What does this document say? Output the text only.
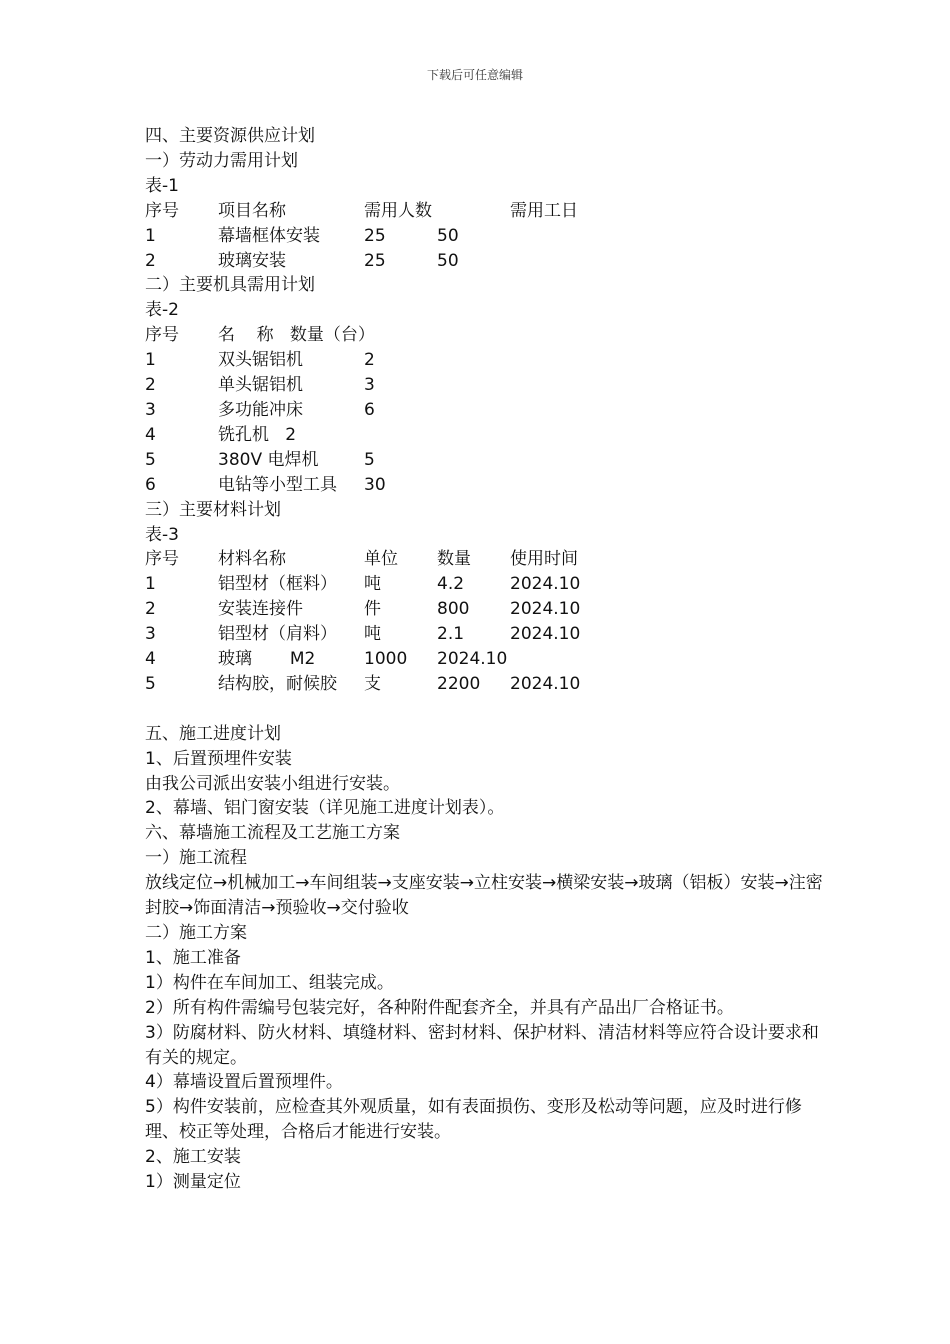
下载后可任意编辑
四、主要资源供应计划
一）劳动力需用计划
表-1
序号	项目名称	需用人数	需用工日
1	幕墙框体安装	25	50
2	玻璃安装	25	50
二）主要机具需用计划
表-2
序号	名    称   数量（台）
1	双头锯铝机	2
2	单头锯铝机	3
3	多功能冲床	6
4	铣孔机   2
5	380V 电焊机	5
6	电钻等小型工具	30
三）主要材料计划
表-3
序号	材料名称	单位	数量	使用时间
1	铝型材（框料）	吨	4.2	2024.10
2	安装连接件	件	800	2024.10
3	铝型材（肩料）	吨	2.1	2024.10
4	玻璃       M2	1000	2024.10
5	结构胶，耐候胶	支	2200	2024.10
五、施工进度计划
1、后置预埋件安装
由我公司派出安装小组进行安装。
2、幕墙、铝门窗安装（详见施工进度计划表）。
六、幕墙施工流程及工艺施工方案
一）施工流程
放线定位→机械加工→车间组装→支座安装→立柱安装→横梁安装→玻璃（铝板）安装→注密封胶→饰面清洁→预验收→交付验收
二）施工方案
1、施工准备
1）构件在车间加工、组装完成。
2）所有构件需编号包装完好，各种附件配套齐全，并具有产品出厂合格证书。
3）防腐材料、防火材料、填缝材料、密封材料、保护材料、清洁材料等应符合设计要求和有关的规定。
4）幕墙设置后置预埋件。
5）构件安装前，应检查其外观质量，如有表面损伤、变形及松动等问题，应及时进行修理、校正等处理，合格后才能进行安装。
2、施工安装
1）测量定位
